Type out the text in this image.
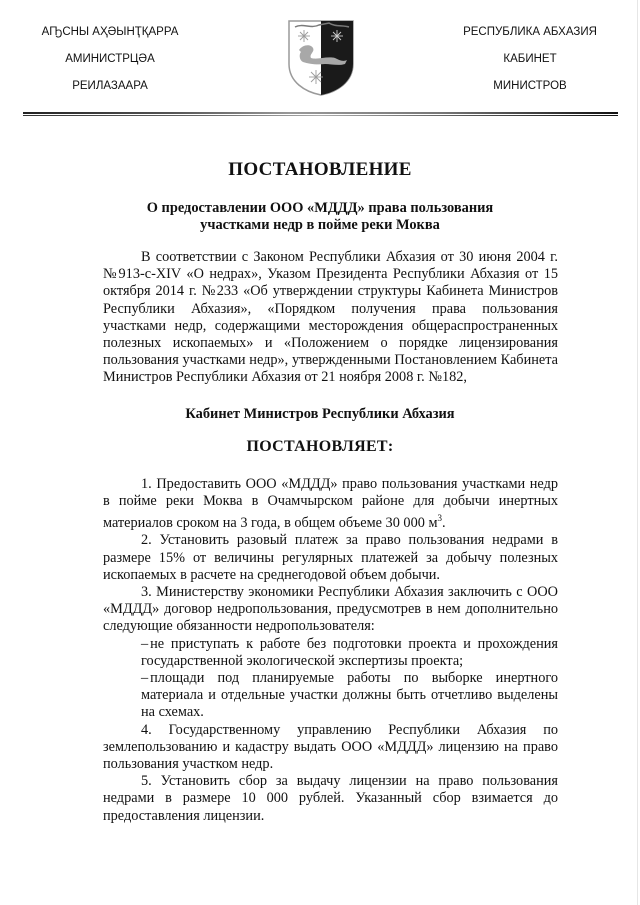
АҦСНЫ АҲӘЫНҬҚАРРА
АМИНИСТРЦӘА
РЕИЛАЗААРА
РЕСПУБЛИКА АБХАЗИЯ
КАБИНЕТ
МИНИСТРОВ
ПОСТАНОВЛЕНИЕ
О предоставлении ООО «МДДД» права пользования
участками недр в пойме реки Моква

В соответствии с Законом Республики Абхазия от 30 июня 2004 г. №913-с-XIV «О недрах», Указом Президента Республики Абхазия от 15 октября 2014 г. №233 «Об утверждении структуры Кабинета Министров Республики Абхазия», «Порядком получения права пользования участками недр, содержащими месторождения общераспространенных полезных ископаемых» и «Положением о порядке лицензирования пользования участками недр», утвержденными Постановлением Кабинета Министров Республики Абхазия от 21 ноября 2008 г. №182,

Кабинет Министров Республики Абхазия
ПОСТАНОВЛЯЕТ:

1. Предоставить ООО «МДДД» право пользования участками недр в пойме реки Моква в Очамчырском районе для добычи инертных материалов сроком на 3 года, в общем объеме 30 000 $м^3$.

2. Установить разовый платеж за право пользования недрами в размере 15% от величины регулярных платежей за добычу полезных ископаемых в расчете на среднегодовой объем добычи.

3. Министерству экономики Республики Абхазия заключить с ООО «МДДД» договор недропользования, предусмотрев в нем дополнительно следующие обязанности недропользователя:

– не приступать к работе без подготовки проекта и прохождения государственной экологической экспертизы проекта;

– площади под планируемые работы по выборке инертного материала и отдельные участки должны быть отчетливо выделены на схемах.

4. Государственному управлению Республики Абхазия по землепользованию и кадастру выдать ООО «МДДД» лицензию на право пользования участком недр.

5. Установить сбор за выдачу лицензии на право пользования недрами в размере 10 000 рублей. Указанный сбор взимается до предоставления лицензии.
